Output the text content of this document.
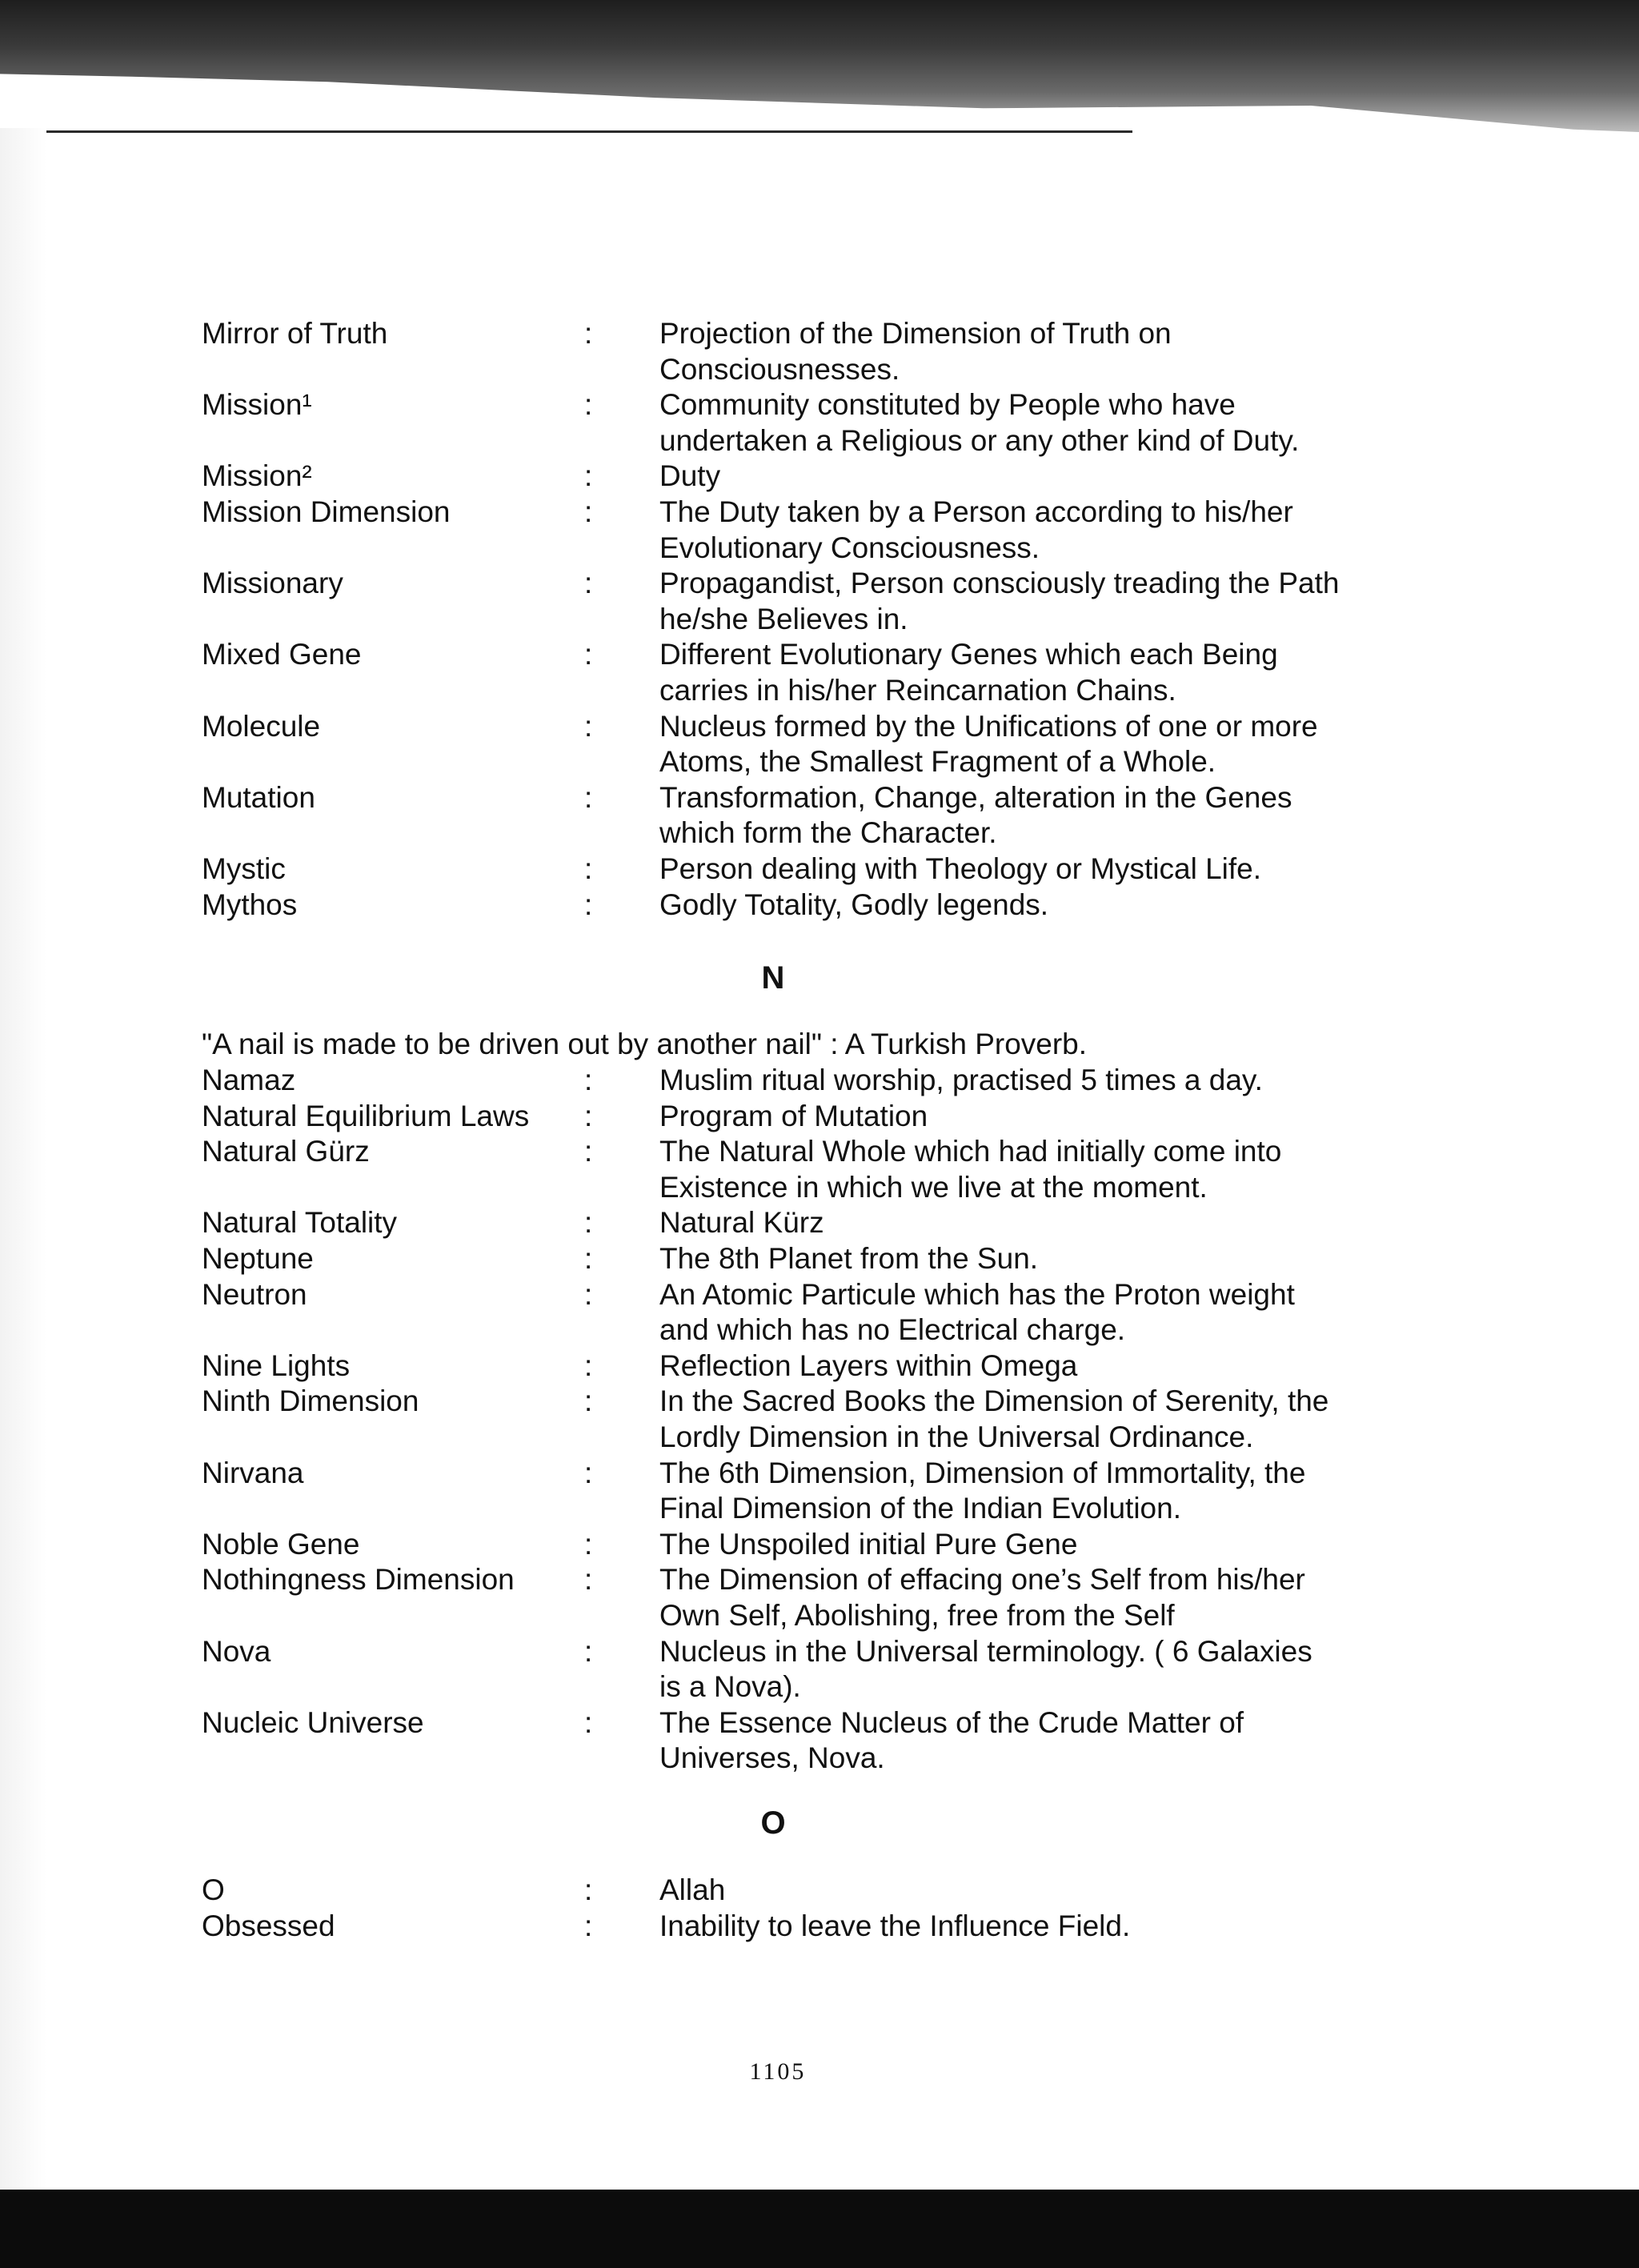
Mirror of Truth	: Projection of the Dimension of Truth on
Consciousnesses.
Mission¹	: Community constituted by People who have
undertaken a Religious or any other kind of Duty.
Mission²	: Duty
Mission Dimension	: The Duty taken by a Person according to his/her
Evolutionary Consciousness.
Missionary	: Propagandist, Person consciously treading the Path
he/she Believes in.
Mixed Gene	: Different Evolutionary Genes which each Being
carries in his/her Reincarnation Chains.
Molecule	: Nucleus formed by the Unifications of one or more
Atoms, the Smallest Fragment of a Whole.
Mutation	: Transformation, Change, alteration in the Genes
which form the Character.
Mystic	: Person dealing with Theology or Mystical Life.
Mythos	: Godly Totality, Godly legends.
N
"A nail is made to be driven out by another nail" : A Turkish Proverb.
Namaz	: Muslim ritual worship, practised 5 times a day.
Natural Equilibrium Laws	: Program of Mutation
Natural Gürz	: The Natural Whole which had initially come into
Existence in which we live at the moment.
Natural Totality	: Natural Kürz
Neptune	: The 8th Planet from the Sun.
Neutron	: An Atomic Particule which has the Proton weight
and which has no Electrical charge.
Nine Lights	: Reflection Layers within Omega
Ninth Dimension	: In the Sacred Books the Dimension of Serenity, the
Lordly Dimension in the Universal Ordinance.
Nirvana	: The 6th Dimension, Dimension of Immortality, the
Final Dimension of the Indian Evolution.
Noble Gene	: The Unspoiled initial Pure Gene
Nothingness Dimension	: The Dimension of effacing one’s Self from his/her
Own Self, Abolishing, free from the Self
Nova	: Nucleus in the Universal terminology. ( 6 Galaxies
is a Nova).
Nucleic Universe	: The Essence Nucleus of the Crude Matter of
Universes, Nova.
O
O	: Allah
Obsessed	: Inability to leave the Influence Field.
1105
